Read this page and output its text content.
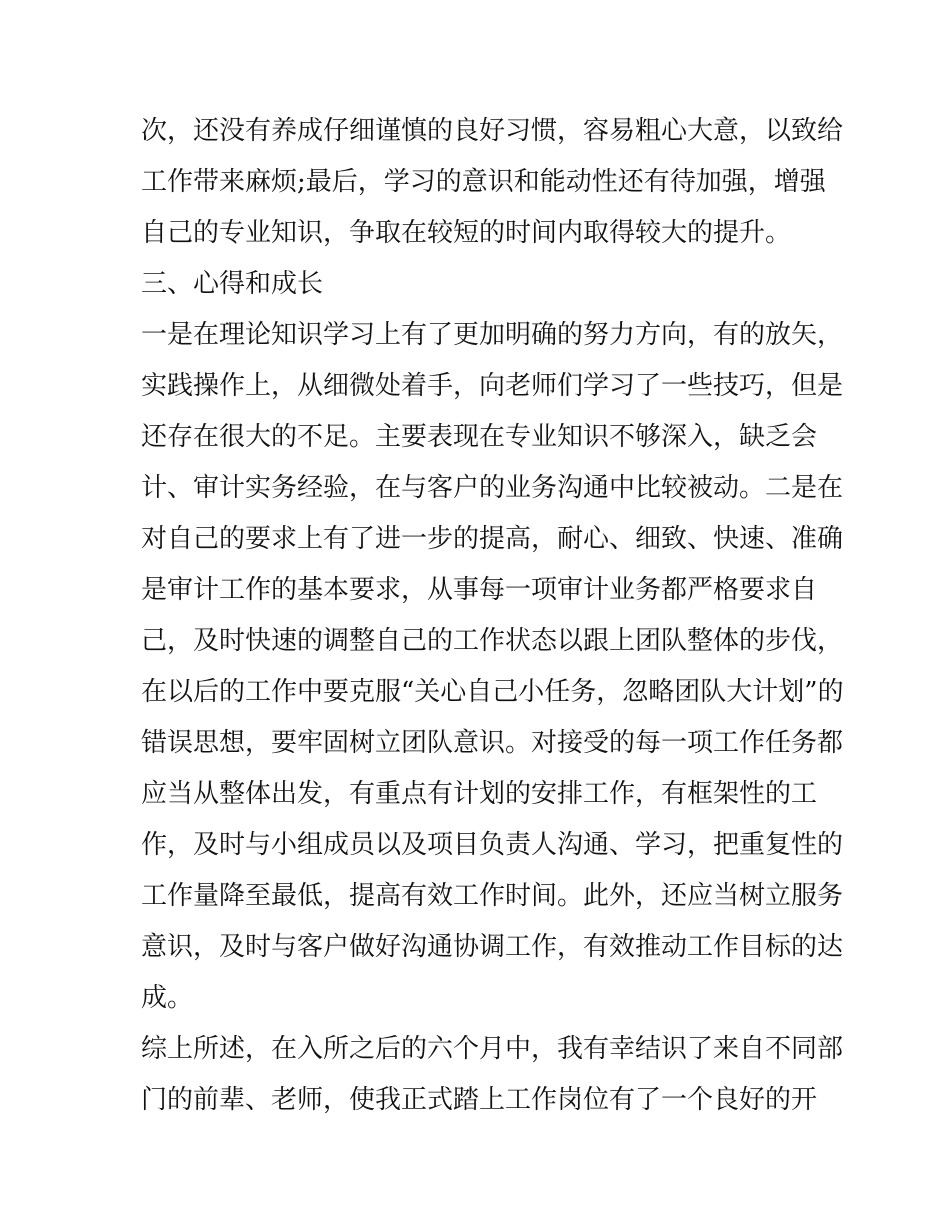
次，还没有养成仔细谨慎的良好习惯，容易粗心大意，以致给
工作带来麻烦;最后，学习的意识和能动性还有待加强，增强
自己的专业知识，争取在较短的时间内取得较大的提升。
三、心得和成长
一是在理论知识学习上有了更加明确的努力方向，有的放矢，
实践操作上，从细微处着手，向老师们学习了一些技巧，但是
还存在很大的不足。主要表现在专业知识不够深入，缺乏会
计、审计实务经验，在与客户的业务沟通中比较被动。二是在
对自己的要求上有了进一步的提高，耐心、细致、快速、准确
是审计工作的基本要求，从事每一项审计业务都严格要求自
己，及时快速的调整自己的工作状态以跟上团队整体的步伐，
在以后的工作中要克服“关心自己小任务，忽略团队大计划”的
错误思想，要牢固树立团队意识。对接受的每一项工作任务都
应当从整体出发，有重点有计划的安排工作，有框架性的工
作，及时与小组成员以及项目负责人沟通、学习，把重复性的
工作量降至最低，提高有效工作时间。此外，还应当树立服务
意识，及时与客户做好沟通协调工作，有效推动工作目标的达
成。
综上所述，在入所之后的六个月中，我有幸结识了来自不同部
门的前辈、老师，使我正式踏上工作岗位有了一个良好的开
